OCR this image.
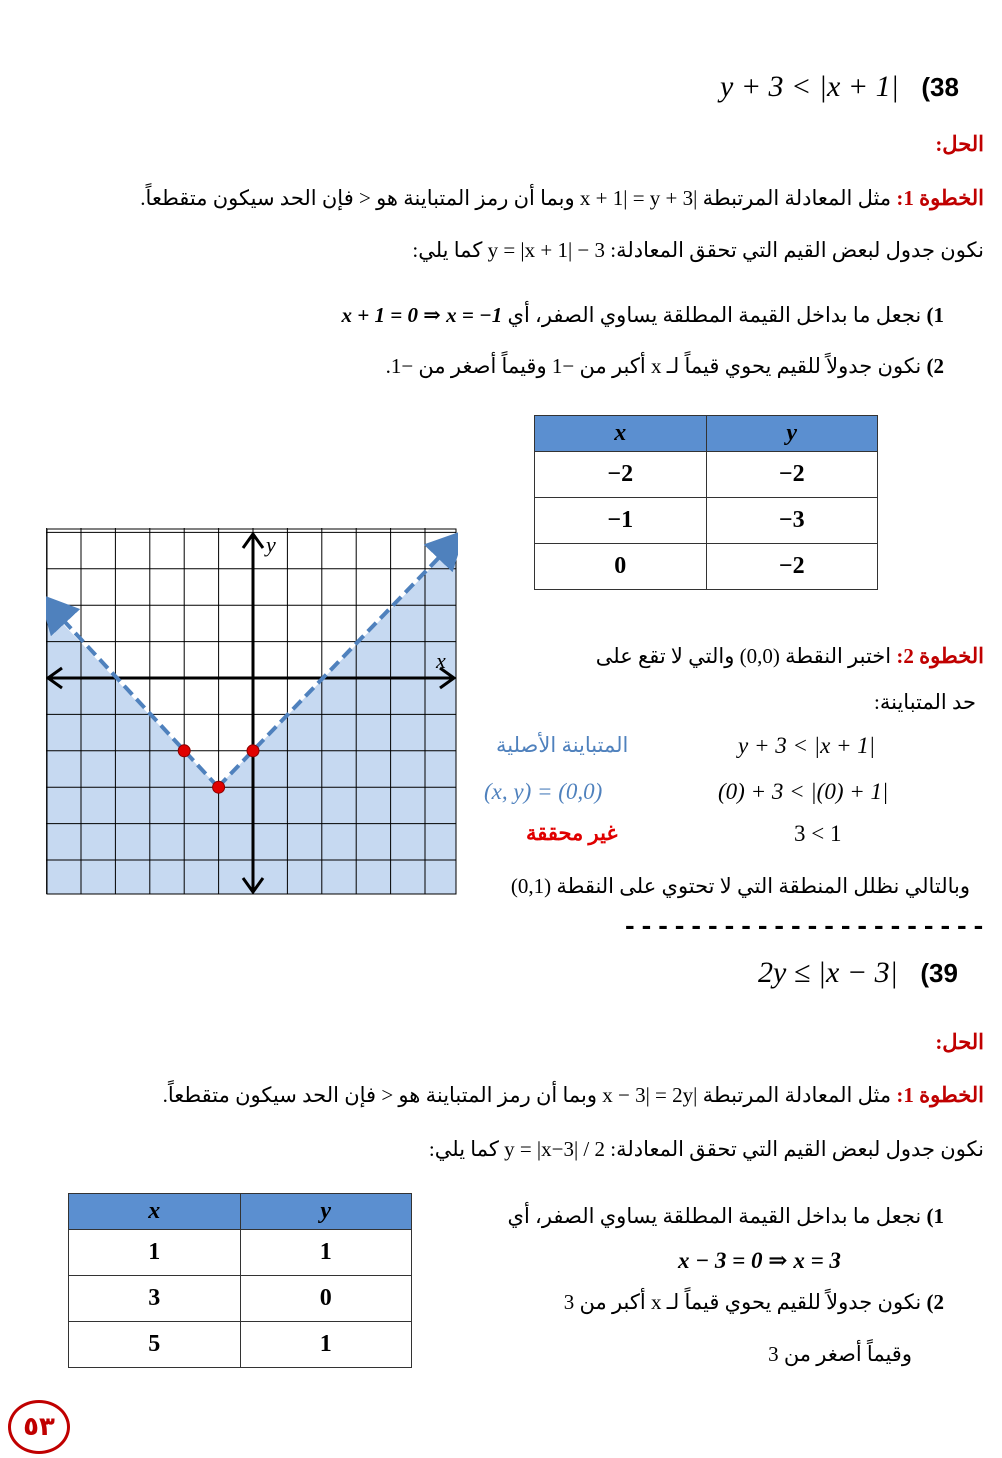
y + 3 < |x + 1| (38
الحل:
الخطوة 1: مثل المعادلة المرتبطة |x + 1| = y + 3 وبما أن رمز المتباينة هو < فإن الحد سيكون متقطعاً.
نكون جدول لبعض القيم التي تحقق المعادلة: y = |x + 1| − 3 كما يلي:
1) نجعل ما بداخل القيمة المطلقة يساوي الصفر، أي x + 1 = 0 ⇒ x = −1
2) نكون جدولاً للقيم يحوي قيماً لـ x أكبر من −1 وقيماً أصغر من −1.
x	y
−2	−2
−1	−3
0	−2
x
y
الخطوة 2: اختبر النقطة (0,0) والتي لا تقع على
حد المتباينة:
y + 3 < |x + 1|
المتباينة الأصلية
(0) + 3 < |(0) + 1|
(x, y) = (0,0)
3 < 1
غير محققة
وبالتالي نظلل المنطقة التي لا تحتوي على النقطة (0,1)
----------------------
2y ≤ |x − 3| (39
الحل:
الخطوة 1: مثل المعادلة المرتبطة |x − 3| = 2y وبما أن رمز المتباينة هو < فإن الحد سيكون متقطعاً.
نكون جدول لبعض القيم التي تحقق المعادلة: y = |x−3| / 2 كما يلي:
1) نجعل ما بداخل القيمة المطلقة يساوي الصفر، أي
x − 3 = 0 ⇒ x = 3
2) نكون جدولاً للقيم يحوي قيماً لـ x أكبر من 3
وقيماً أصغر من 3
x	y
1	1
3	0
5	1
٥٣
